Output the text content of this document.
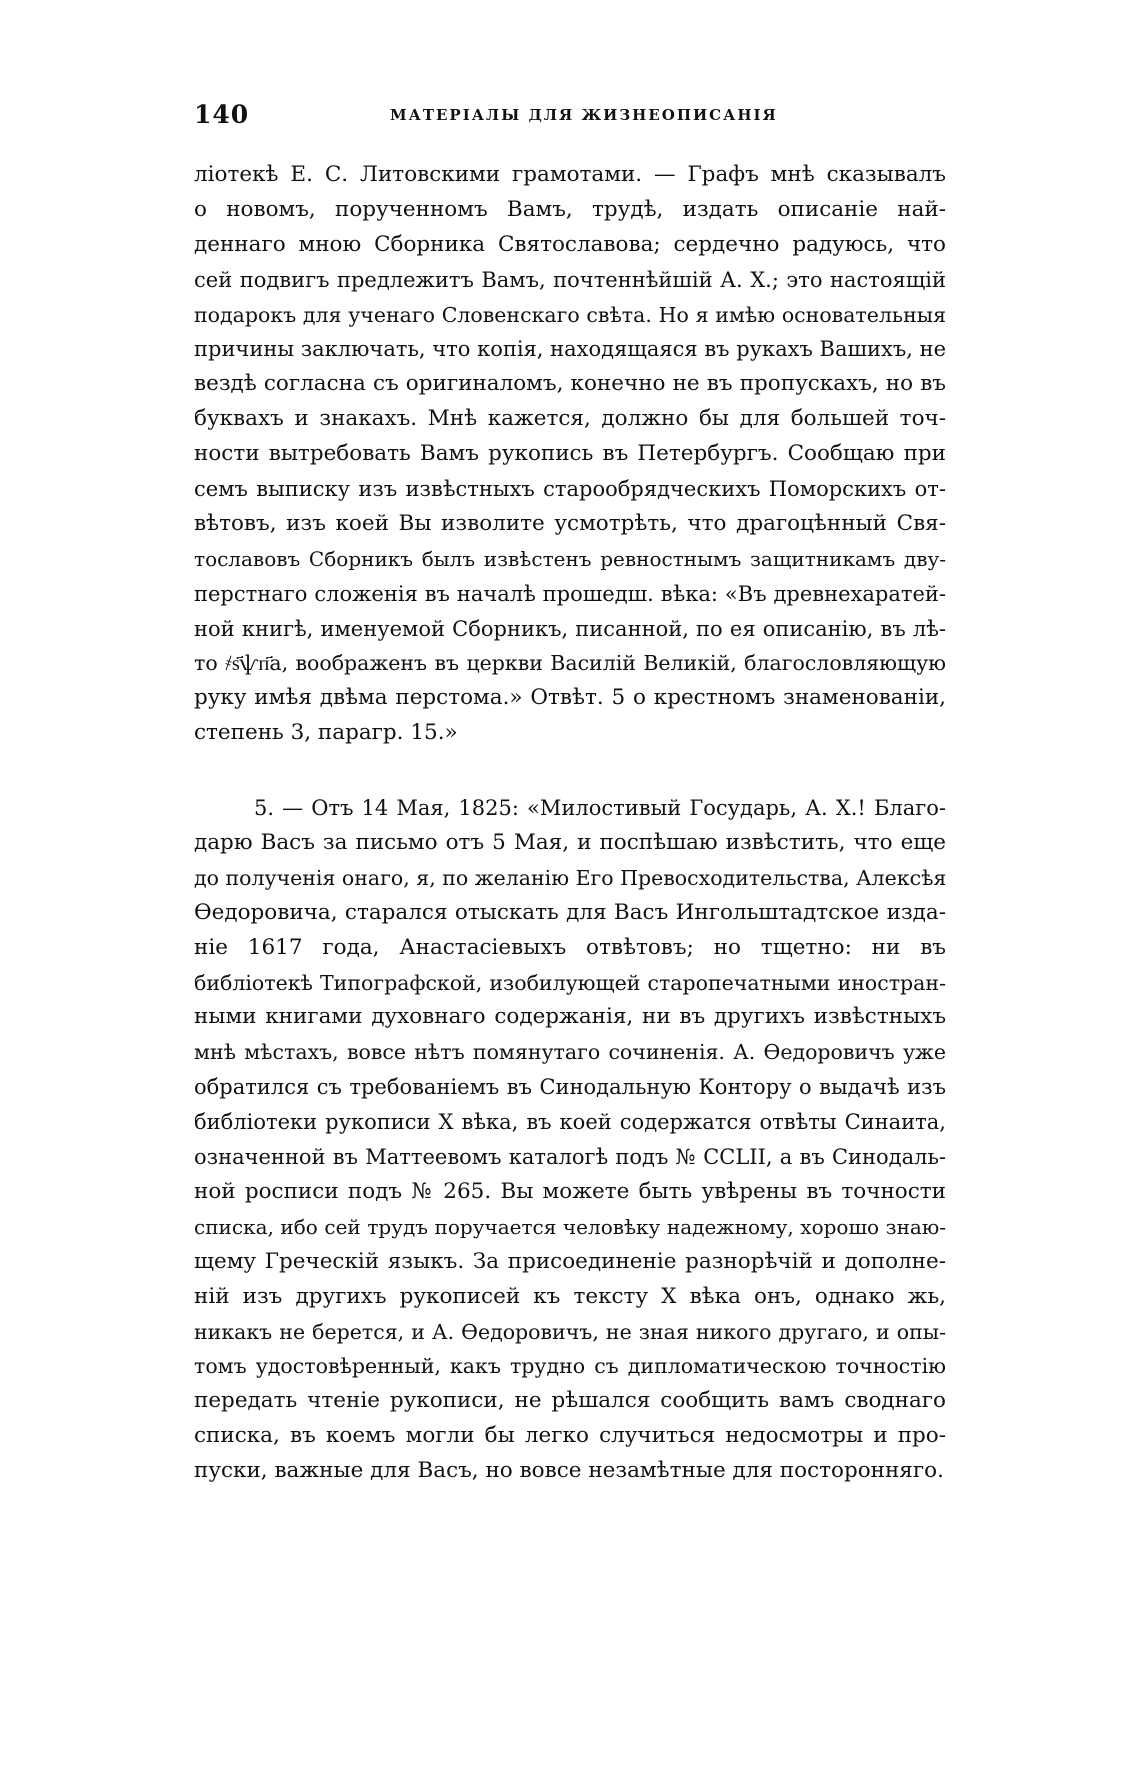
140	МАТЕРІАЛЫ ДЛЯ ЖИЗНЕОПИСАНІЯ
ліотекѣ Е. С. Литовскими грамотами. — Графъ мнѣ сказывалъ
о новомъ, порученномъ Вамъ, трудѣ, издать описаніе най-
деннаго мною Сборника Святославова; сердечно радуюсь, что
сей подвигъ предлежитъ Вамъ, почтеннѣйшій А. Х.; это настоящій
подарокъ для ученаго Словенскаго свѣта. Но я имѣю основательныя
причины заключать, что копія, находящаяся въ рукахъ Вашихъ, не
вездѣ согласна съ оригиналомъ, конечно не въ пропускахъ, но въ
буквахъ и знакахъ. Мнѣ кажется, должно бы для большей точ-
ности вытребовать Вамъ рукопись въ Петербургъ. Сообщаю при
семъ выписку изъ извѣстныхъ старообрядческихъ Поморскихъ от-
вѣтовъ, изъ коей Вы изволите усмотрѣть, что драгоцѣнный Свя-
тославовъ Сборникъ былъ извѣстенъ ревностнымъ защитникамъ дву-
перстнаго сложенія въ началѣ прошедш. вѣка: «Въ древнехаратей-
ной книгѣ, именуемой Сборникъ, писанной, по ея описанію, въ лѣ-
то ҂ѕ҃ѱп҃а, воображенъ въ церкви Василій Великій, благословляющую
руку имѣя двѣма перстома.» Отвѣт. 5 о крестномъ знаменованіи,
степень 3, парагр. 15.»
5. — Отъ 14 Мая, 1825: «Милостивый Государь, А. Х.! Благо-
дарю Васъ за письмо отъ 5 Мая, и поспѣшаю извѣстить, что еще
до полученія онаго, я, по желанію Его Превосходительства, Алексѣя
Ѳедоровича, старался отыскать для Васъ Ингольштадтское изда-
ніе 1617 года, Анастасіевыхъ отвѣтовъ; но тщетно: ни въ
библіотекѣ Типографской, изобилующей старопечатными иностран-
ными книгами духовнаго содержанія, ни въ другихъ извѣстныхъ
мнѣ мѣстахъ, вовсе нѣтъ помянутаго сочиненія. А. Ѳедоровичъ уже
обратился съ требованіемъ въ Синодальную Контору о выдачѣ изъ
библіотеки рукописи Х вѣка, въ коей содержатся отвѣты Синаита,
означенной въ Маттеевомъ каталогѣ подъ № CCLII, а въ Синодаль-
ной росписи подъ № 265. Вы можете быть увѣрены въ точности
списка, ибо сей трудъ поручается человѣку надежному, хорошо знаю-
щему Греческій языкъ. За присоединеніе разнорѣчій и дополне-
ній изъ другихъ рукописей къ тексту Х вѣка онъ, однако жь,
никакъ не берется, и А. Ѳедоровичъ, не зная никого другаго, и опы-
томъ удостовѣренный, какъ трудно съ дипломатическою точностію
передать чтеніе рукописи, не рѣшался сообщить вамъ своднаго
списка, въ коемъ могли бы легко случиться недосмотры и про-
пуски, важные для Васъ, но вовсе незамѣтные для посторонняго.
